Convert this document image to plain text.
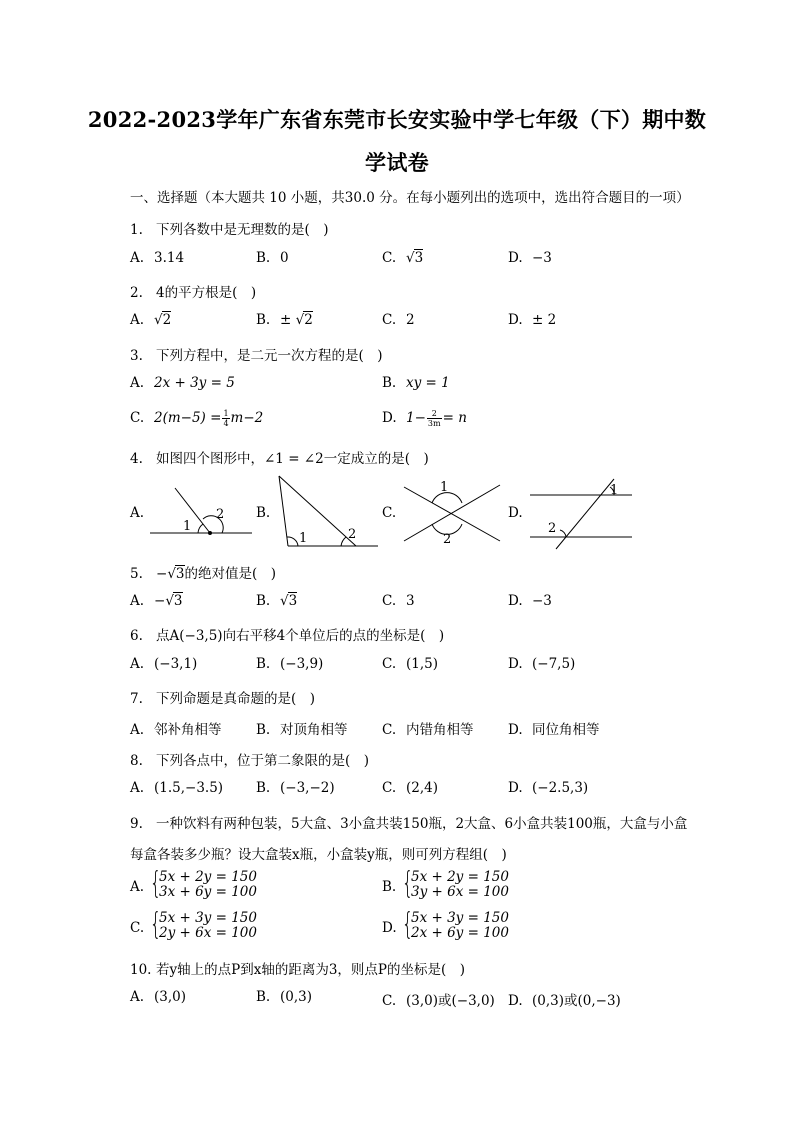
2022-2023学年广东省东莞市长安实验中学七年级（下）期中数
学试卷
一、选择题（本大题共 10 小题，共30.0 分。在每小题列出的选项中，选出符合题目的一项）
1. 下列各数中是无理数的是(　)
A. 3.14	B. 0	C. √3	D. −3
2. 4的平方根是(　)
A. √2	B. ± √2	C. 2	D. ± 2
3. 下列方程中，是二元一次方程的是(　)
A. 2x + 3y = 5	B. xy = 1
C. $2(m-5) = \frac{1}{4} m-2$	D. $1- \frac{2}{3m} = n$
4. 如图四个图形中，∠1 = ∠2一定成立的是(　)
A.	B.	C.	D.
1
2
1	2
1
2
1
2
5. −√3的绝对值是(　)
A. −√3	B. √3	C. 3	D. −3
6. 点A(−3,5)向右平移4个单位后的点的坐标是(　)
A. (−3,1)	B. (−3,9)	C. (1,5)	D. (−7,5)
7. 下列命题是真命题的是(　)
A. 邻补角相等	B. 对顶角相等	C. 内错角相等	D. 同位角相等
8. 下列各点中，位于第二象限的是(　)
A. (1.5,−3.5) B. (−3,−2)	C. (2,4)	D. (−2.5,3)
9. 一种饮料有两种包装，5大盒、3小盒共装150瓶，2大盒、6小盒共装100瓶，大盒与小盒
每盒各装多少瓶？设大盒装x瓶，小盒装y瓶，则可列方程组(　)
A. {
5x + 2y = 150
3x + 6y = 100	B. {
5x + 2y = 150
3y + 6x = 100
C. {
5x + 3y = 150
2y + 6x = 100	D. {
5x + 3y = 150
2x + 6y = 100
10. 若y轴上的点P到x轴的距离为3，则点P的坐标是(　)
A. (3,0)	B. (0,3)	C. (3,0)或(−3,0) D. (0,3)或(0,−3)
